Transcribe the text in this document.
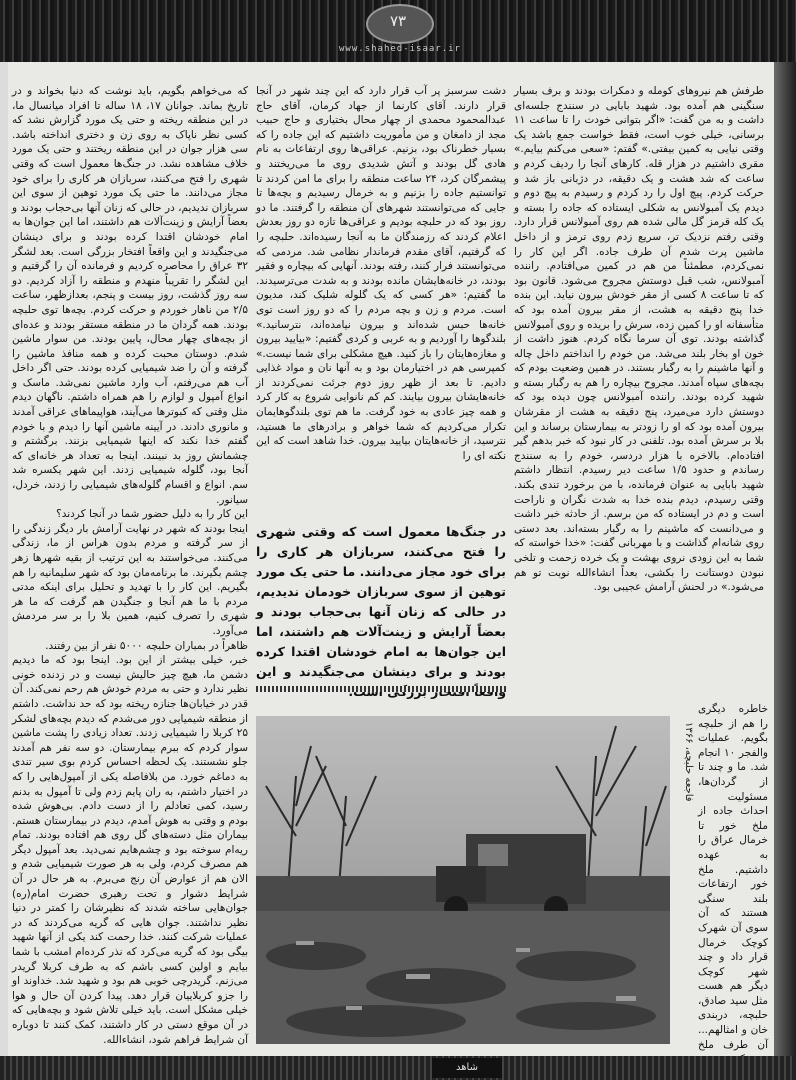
۷۳
www.shahed-isaar.ir

طرفش هم نیروهای کومله و دمکرات بودند و برف بسیار سنگینی هم آمده بود. شهید بابایی در سنندج جلسه‌ای داشت و به من گفت: «اگر بتوانی خودت را تا ساعت ۱۱ برسانی، خیلی خوب است، فقط خواست جمع باشد یک وقتی نیایی به کمین بیفتی.» گفتم: «سعی می‌کنم بیایم.» مقری داشتیم در هزار قله. کارهای آنجا را ردیف کردم و ساعت که شد هشت و یک دقیقه، در دژبانی باز شد و حرکت کردم. پیچ اول را رد کردم و رسیدم به پیچ دوم و دیدم یک آمبولانس به شکلی ایستاده که جاده را بسته و یک کله قرمز گل مالی شده هم روی آمبولانس قرار دارد. وقتی رفتم نزدیک تر، سریع زدم روی ترمز و از داخل ماشین پرت شدم آن طرف جاده. اگر این کار را نمی‌کردم، مطمئناً من هم در کمین می‌افتادم. راننده آمبولانس، شب قبل دوستش مجروح می‌شود. قانون بود که تا ساعت ۸ کسی از مقر خودش بیرون نیاید. این بنده خدا پنج دقیقه به هشت، از مقر بیرون آمده بود که متأسفانه او را کمین زده، سرش را بریده و روی آمبولانس گذاشته بودند. توی آن سرما نگاه کردم. هنوز داشت از خون او بخار بلند می‌شد. من خودم را انداختم داخل چاله و آنها ماشینم را به رگبار بستند. در همین وضعیت بودم که بچه‌های سپاه آمدند. مجروح بیچاره را هم به رگبار بسته و شهید کرده بودند. راننده آمبولانس چون دیده بود که دوستش دارد می‌میرد، پنج دقیقه به هشت از مقرشان بیرون آمده بود که او را زودتر به بیمارستان برساند و این بلا بر سرش آمده بود. تلفنی در کار نبود که خبر بدهم گیر افتاده‌ام. بالاخره با هزار دردسر، خودم را به سنندج رساندم و حدود ۱/۵ ساعت دیر رسیدم. انتظار داشتم شهید بابایی به عنوان فرمانده، با من برخورد تندی بکند. وقتی رسیدم، دیدم بنده خدا به شدت نگران و ناراحت است و دم در ایستاده که من برسم. از حادثه خبر داشت و می‌دانست که ماشینم را به رگبار بسته‌اند. بعد دستی روی شانه‌ام گذاشت و با مهربانی گفت: «خدا خواسته که شما به این زودی نروی بهشت و یک خرده زحمت و تلخی نبودن دوستانت را بکشی، بعداً انشاءالله نوبت تو هم می‌شود.» در لحنش آرامش عجیبی بود.

دشت سرسبز پر آب قرار دارد که این چند شهر در آنجا قرار دارند. آقای کارنما از جهاد کرمان، آقای حاج عبدالمحمود محمدی از چهار محال بختیاری و حاج حبیب مجد از دامغان و من مأموریت داشتیم که این جاده را که بسیار خطرناک بود، بزنیم. عراقی‌ها روی ارتفاعات به نام هادی گل بودند و آتش شدیدی روی ما می‌ریختند و پیشمرگان کرد، ۲۴ ساعت منطقه را برای ما امن کردند تا توانستیم جاده را بزنیم و به خرمال رسیدیم و بچه‌ها تا جایی که می‌توانستند شهرهای آن منطقه را گرفتند. ما دو روز بود که در حلبچه بودیم و عراقی‌ها تازه دو روز بعدش اعلام کردند که رزمندگان ما به آنجا رسیده‌اند. حلبچه را که گرفتیم، آقای مقدم فرماندار نظامی شد. مردمی که می‌توانستند فرار کنند، رفته بودند. آنهایی که بیچاره و فقیر بودند، در خانه‌هایشان مانده بودند و به شدت می‌ترسیدند. ما گفتیم: «هر کسی که یک گلوله شلیک کند، مدیون است. مردم و زن و بچه مردم را که دو روز است توی خانه‌ها حبس شده‌اند و بیرون نیامده‌اند، نترسانید.» بلندگوها را آوردیم و به عربی و کردی گفتیم: «بیایید بیرون و مغازه‌هایتان را باز کنید. هیچ مشکلی برای شما نیست.» کمپرسی هم در اختیارمان بود و به آنها نان و مواد غذایی دادیم. تا بعد از ظهر روز دوم جرئت نمی‌کردند از خانه‌هایشان بیرون بیایند. کم کم نانوایی شروع به کار کرد و همه چیز عادی به خود گرفت. ما هم توی بلندگوهایمان تکرار می‌کردیم که شما خواهر و برادرهای ما هستید، نترسید، از خانه‌هایتان بیایید بیرون. خدا شاهد است که این نکته ای را

در جنگ‌ها معمول است که وقتی شهری را فتح می‌کنند، سربازان هر کاری را برای خود مجاز می‌دانند. ما حتی یک مورد توهین از سوی سربازان خودمان ندیدیم، در حالی که زنان آنها بی‌حجاب بودند و بعضاً آرایش و زینت‌آلات هم داشتند، اما این جوان‌ها به امام خودشان اقتدا کرده بودند و برای دینشان می‌جنگیدند و این

که می‌خواهم بگویم، باید نوشت که دنیا بخواند و در تاریخ بماند. جوانان ۱۷، ۱۸ ساله تا افراد میانسال ما، در این منطقه ریخته و حتی یک مورد گزارش نشد که کسی نظر ناپاک به روی زن و دختری انداخته باشد. سی هزار جوان در این منطقه ریختند و حتی یک مورد خلاف مشاهده نشد. در جنگ‌ها معمول است که وقتی شهری را فتح می‌کنند، سربازان هر کاری را برای خود مجاز می‌دانند. ما حتی یک مورد توهین از سوی این سربازان ندیدیم، در حالی که زنان آنها بی‌حجاب بودند و بعضاً آرایش و زینت‌آلات هم داشتند، اما این جوان‌ها به امام خودشان اقتدا کرده بودند و برای دینشان می‌جنگیدند و این واقعاً افتخار بزرگی است. بعد لشگر ۳۲ عراق را محاصره کردیم و فرمانده آن را گرفتیم و این لشگر را تقریباً منهدم و منطقه را آزاد کردیم. دو سه روز گذشت، روز بیست و پنجم، بعدازظهر، ساعت ۲/۵ من ناهار خوردم و حرکت کردم. بچه‌ها توی حلبچه بودند. همه گردان ما در منطقه مستقر بودند و عده‌ای از بچه‌های چهار محال، پایین بودند. من سوار ماشین شدم. دوستان محبت کرده و همه منافذ ماشین را گرفته و آن را ضد شیمیایی کرده بودند. حتی اگر داخل آب هم می‌رفتم، آب وارد ماشین نمی‌شد. ماسک و انواع آمپول و لوازم را هم همراه داشتم. ناگهان دیدم مثل وقتی که کبوترها می‌آیند، هواپیماهای عراقی آمدند و مانوری دادند. در آیینه ماشین آنها را دیدم و با خودم گفتم خدا نکند که اینها شیمیایی بزنند. برگشتم و چشمانش روز بد نبینند. اینجا به تعداد هر خانه‌ای که آنجا بود، گلوله شیمیایی زدند. این شهر یکسره شد سم. انواع و اقسام گلوله‌های شیمیایی را زدند، خردل، سیانور.
این کار را به دلیل حضور شما در آنجا کردند؟
اینجا بودند که شهر در نهایت آرامش بار دیگر زندگی را از سر گرفته و مردم بدون هراس از ما، زندگی می‌کنند. می‌خواستند به این ترتیب از بقیه شهرها زهر چشم بگیرند. ما برنامه‌مان بود که شهر سلیمانیه را هم بگیریم. این کار را با تهدید و تحلیل برای اینکه مدتی مردم با ما هم آنجا و جنگیدن هم گرفت که ما هر شهری را تصرف کنیم، همین بلا را بر سر مردمش می‌آورد.
ظاهراً در بمباران حلبچه ۵۰۰۰ نفر از بین رفتند.
خبر، خیلی بیشتر از این بود. اینجا بود که ما دیدیم دشمن ما، هیچ چیز حالیش نیست و در زدنده خونی نظیر ندارد و حتی به مردم خودش هم رحم نمی‌کند. آن قدر در خیابان‌ها جنازه ریخته بود که حد نداشت. داشتم از منطقه شیمیایی دور می‌شدم که دیدم بچه‌های لشکر ۲۵ کربلا را شیمیایی زدند. تعداد زیادی را پشت ماشین سوار کردم که ببرم بیمارستان. دو سه نفر هم آمدند جلو نشستند. یک لحظه احساس کردم بوی سیر تندی به دماغم خورد. من بلافاصله یکی از آمپول‌هایی را که در اختیار داشتم، به ران پایم زدم ولی تا آمپول به بدنم رسید، کمی تعادلم را از دست دادم. بی‌هوش شده بودم و وقتی به هوش آمدم، دیدم در بیمارستان هستم. بیماران مثل دسته‌های گل روی هم افتاده بودند. تمام ریه‌ام سوخته بود و چشم‌هایم نمی‌دید. بعد آمپول دیگر هم مصرف کردم، ولی به هر صورت شیمیایی شدم و الان هم از عوارض آن رنج می‌برم. به هر حال در آن شرایط دشوار و تحت رهبری حضرت امام(ره) جوان‌هایی ساخته شدند که نظیرشان را کمتر در دنیا نظیر نداشتند. جوان هایی که گریه می‌کردند که در عملیات شرکت کنند. خدا رحمت کند یکی از آنها شهید بیگی بود که گریه می‌کرد که نذر کرده‌ام امشب با شما بیایم و اولین کسی باشم که به طرف کربلا گریدر می‌زنم. گریدرچی خوبی هم بود و شهید شد. خداوند او را جزو کربلاییان قرار دهد. پیدا کردن آن حال و هوا خیلی مشکل است. باید خیلی تلاش شود و بچه‌هایی که در آن موقع دستی در کار داشتند، کمک کنند تا دوباره آن شرایط فراهم شود، انشاءالله.

فاجعه حلبچه، ۱۳۶۶

خاطره دیگری را هم از حلبچه بگویم. عملیات والفجر ۱۰ انجام شد. ما و چند تا از گردان‌ها، مسئولیت احداث جاده از ملخ خور تا خرمال عراق را به عهده داشتیم. ملخ خور ارتفاعات بلند سنگی هستند که آن سوی آن شهرک کوچک خرمال قرار داد و چند شهر کوچک دیگر هم هست مثل سید صادق، حلبچه، دربندی خان و امثالهم... آن طرف ملخ

شاهد
